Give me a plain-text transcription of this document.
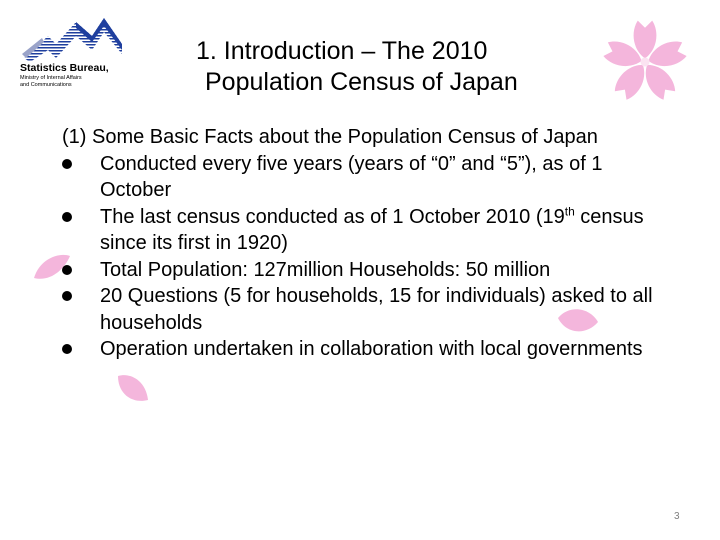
Statistics Bureau,
Ministry of Internal Affairs
and Communications
1. Introduction – The 2010
Population Census of Japan

(1) Some Basic Facts about the Population Census of Japan

Conducted every five years (years of “0” and “5”), as of 1 October
The last census conducted as of 1 October 2010 (19th census since its first in 1920)
Total Population: 127million Households: 50 million
20 Questions (5 for households, 15 for individuals) asked to all households
Operation undertaken in collaboration with local governments
3
